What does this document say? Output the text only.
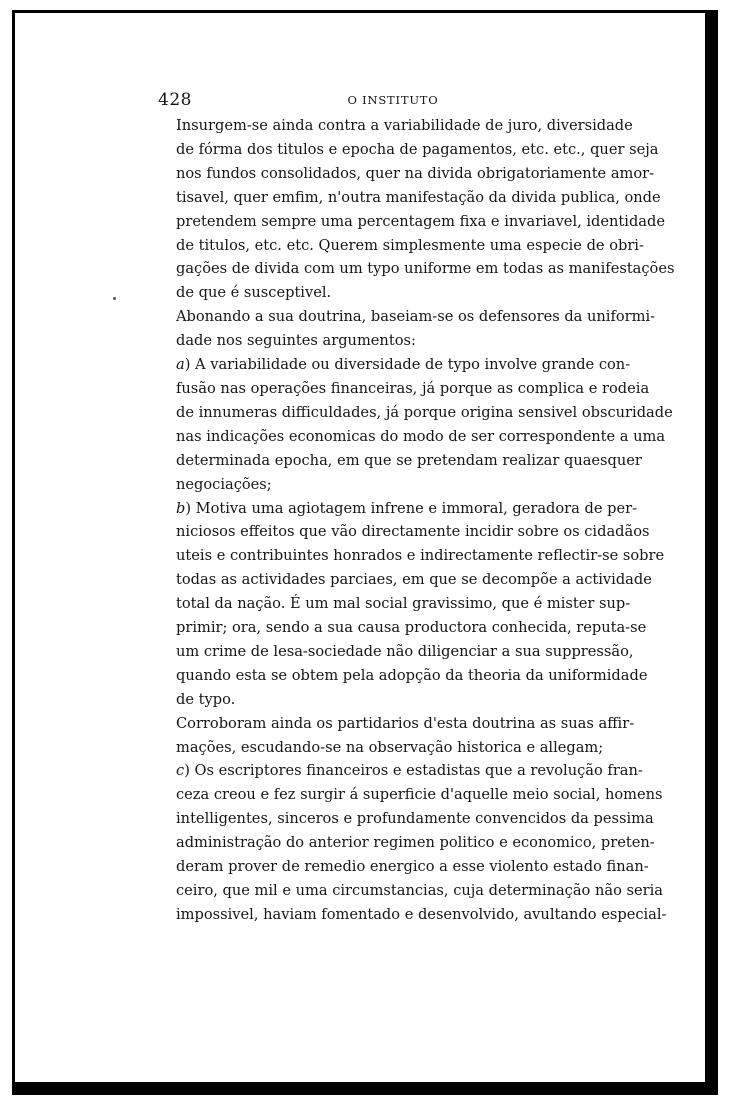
428	O INSTITUTO

Insurgem-se ainda contra a variabilidade de juro, diversidade
de fórma dos titulos e epocha de pagamentos, etc. etc., quer seja
nos fundos consolidados, quer na divida obrigatoriamente amor-
tisavel, quer emfim, n'outra manifestação da divida publica, onde
pretendem sempre uma percentagem fixa e invariavel, identidade
de titulos, etc. etc. Querem simplesmente uma especie de obri-
gações de divida com um typo uniforme em todas as manifestações
de que é susceptivel.

Abonando a sua doutrina, baseiam-se os defensores da uniformi-
dade nos seguintes argumentos:

a) A variabilidade ou diversidade de typo involve grande con-
fusão nas operações financeiras, já porque as complica e rodeia
de innumeras difficuldades, já porque origina sensivel obscuridade
nas indicações economicas do modo de ser correspondente a uma
determinada epocha, em que se pretendam realizar quaesquer
negociações;

b) Motiva uma agiotagem infrene e immoral, geradora de per-
niciosos effeitos que vão directamente incidir sobre os cidadãos
uteis e contribuintes honrados e indirectamente reflectir-se sobre
todas as actividades parciaes, em que se decompõe a actividade
total da nação. É um mal social gravissimo, que é mister sup-
primir; ora, sendo a sua causa productora conhecida, reputa-se
um crime de lesa-sociedade não diligenciar a sua suppressão,
quando esta se obtem pela adopção da theoria da uniformidade
de typo.

Corroboram ainda os partidarios d'esta doutrina as suas affir-
mações, escudando-se na observação historica e allegam;

c) Os escriptores financeiros e estadistas que a revolução fran-
ceza creou e fez surgir á superficie d'aquelle meio social, homens
intelligentes, sinceros e profundamente convencidos da pessima
administração do anterior regimen politico e economico, preten-
deram prover de remedio energico a esse violento estado finan-
ceiro, que mil e uma circumstancias, cuja determinação não seria
impossivel, haviam fomentado e desenvolvido, avultando especial-
